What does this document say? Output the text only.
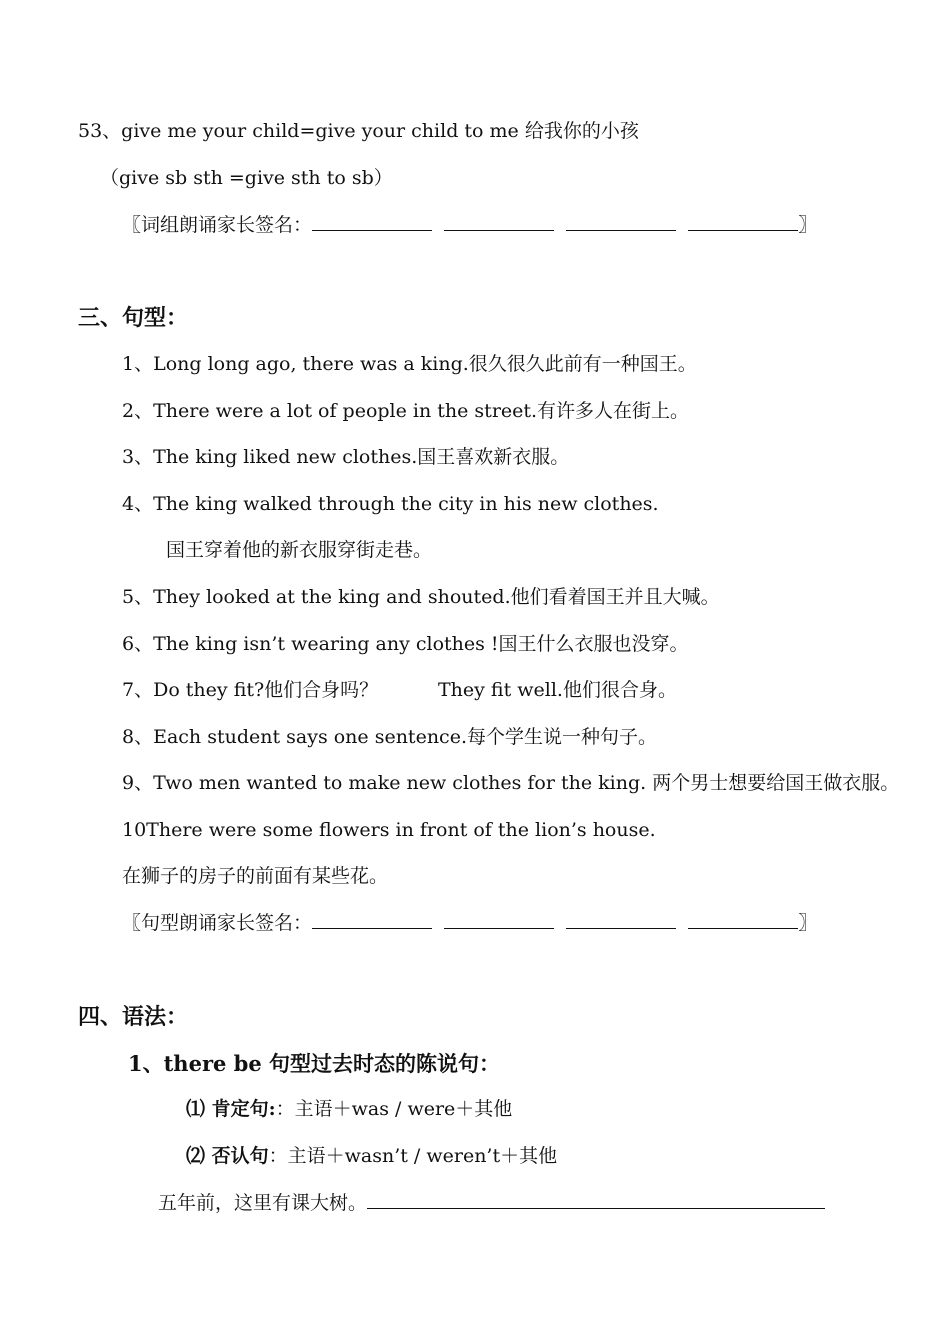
53、give me your child=give your child to me 给我你的小孩
（give sb sth =give sth to sb）
〖词组朗诵家长签名：	〗
三、句型：
1、Long long ago, there was a king.很久很久此前有一种国王。
2、There were a lot of people in the street.有许多人在街上。
3、The king liked new clothes.国王喜欢新衣服。
4、The king walked through the city in his new clothes.
国王穿着他的新衣服穿街走巷。
5、They looked at the king and shouted.他们看着国王并且大喊。
6、The king isn’t wearing any clothes !国王什么衣服也没穿。
7、Do they fit?他们合身吗？	They fit well.他们很合身。
8、Each student says one sentence.每个学生说一种句子。
9、Two men wanted to make new clothes for the king. 两个男士想要给国王做衣服。
10There were some flowers in front of the lion’s house.
在狮子的房子的前面有某些花。
〖句型朗诵家长签名：	〗
四、语法：
1、there be 句型过去时态的陈说句：
⑴ 肯定句:：主语＋was / were＋其他
⑵ 否认句：主语＋wasn’t / weren’t＋其他
五年前，这里有课大树。
